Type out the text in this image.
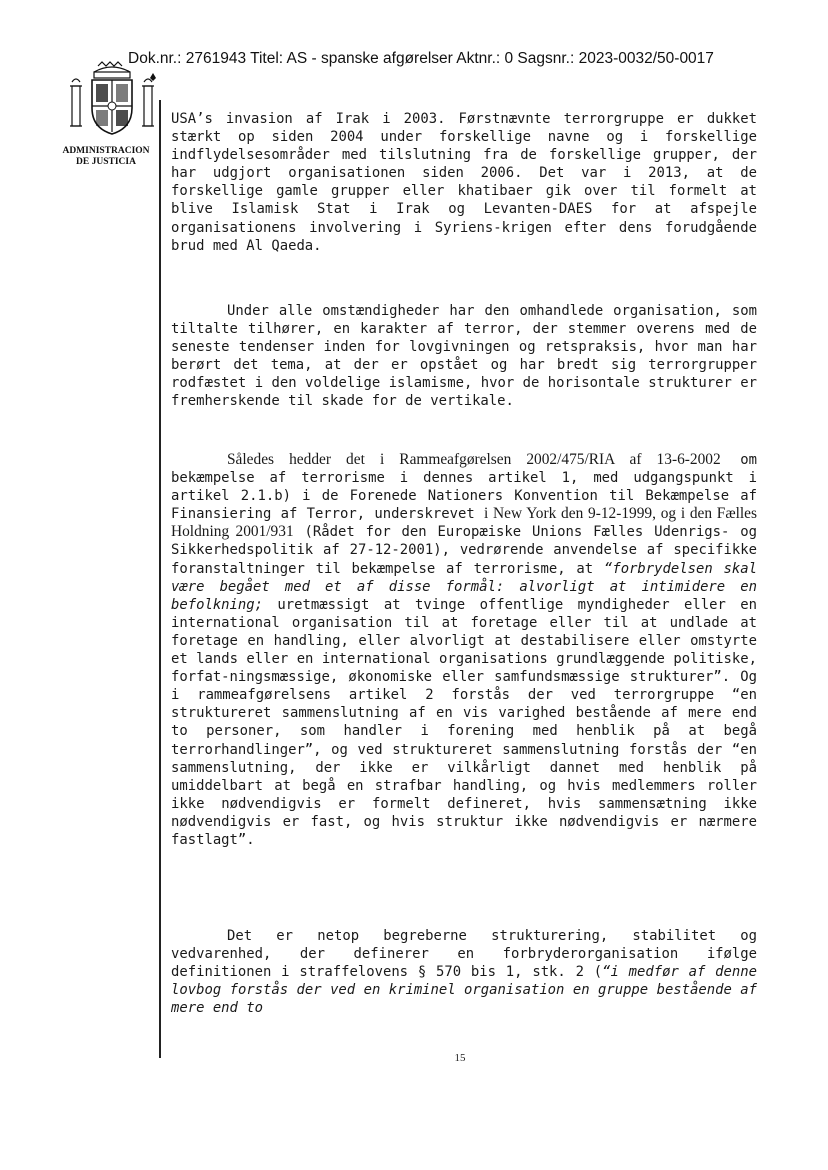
Dok.nr.: 2761943 Titel: AS - spanske afgørelser Aktnr.: 0 Sagsnr.: 2023-0032/50-0017
ADMINISTRACION
DE JUSTICIA

USA’s invasion af Irak i 2003. Førstnævnte terrorgruppe er dukket stærkt op siden 2004 under forskellige navne og i forskellige indflydelsesområder med tilslutning fra de forskellige grupper, der har udgjort organisationen siden 2006. Det var i 2013, at de forskellige gamle grupper eller khatibaer gik over til formelt at blive Islamisk Stat i Irak og Levanten-DAES for at afspejle organisationens involvering i Syriens-krigen efter dens forudgående brud med Al Qaeda.

Under alle omstændigheder har den omhandlede organisation, som tiltalte tilhører, en karakter af terror, der stemmer overens med de seneste tendenser inden for lovgivningen og retspraksis, hvor man har berørt det tema, at der er opstået og har bredt sig terrorgrupper rodfæstet i den voldelige islamisme, hvor de horisontale strukturer er fremherskende til skade for de vertikale.

Således hedder det i Rammeafgørelsen 2002/475/RIA af 13-6-2002 om bekæmpelse af terrorisme i dennes artikel 1, med udgangspunkt i artikel 2.1.b) i de Forenede Nationers Konvention til Bekæmpelse af Finansiering af Terror, underskrevet i New York den 9-12-1999, og i den Fælles Holdning 2001/931 (Rådet for den Europæiske Unions Fælles Udenrigs- og Sikkerhedspolitik af 27-12-2001), vedrørende anvendelse af specifikke foranstaltninger til bekæmpelse af terrorisme, at “forbrydelsen skal være begået med et af disse formål: alvorligt at intimidere en befolkning; uretmæssigt at tvinge offentlige myndigheder eller en international organisation til at foretage eller til at undlade at foretage en handling, eller alvorligt at destabilisere eller omstyrte et lands eller en international organisations grundlæggende politiske, forfat-ningsmæssige, økonomiske eller samfundsmæssige strukturer”. Og i rammeafgørelsens artikel 2 forstås der ved terrorgruppe “en struktureret sammenslutning af en vis varighed bestående af mere end to personer, som handler i forening med henblik på at begå terrorhandlinger”, og ved struktureret sammenslutning forstås der “en sammenslutning, der ikke er vilkårligt dannet med henblik på umiddelbart at begå en strafbar handling, og hvis medlemmers roller ikke nødvendigvis er formelt defineret, hvis sammensætning ikke nødvendigvis er fast, og hvis struktur ikke nødvendigvis er nærmere fastlagt”.

Det er netop begreberne strukturering, stabilitet og vedvarenhed, der definerer en forbryderorganisation ifølge definitionen i straffelovens § 570 bis 1, stk. 2 (“i medfør af denne lovbog forstås der ved en kriminel organisation en gruppe bestående af mere end to

15
